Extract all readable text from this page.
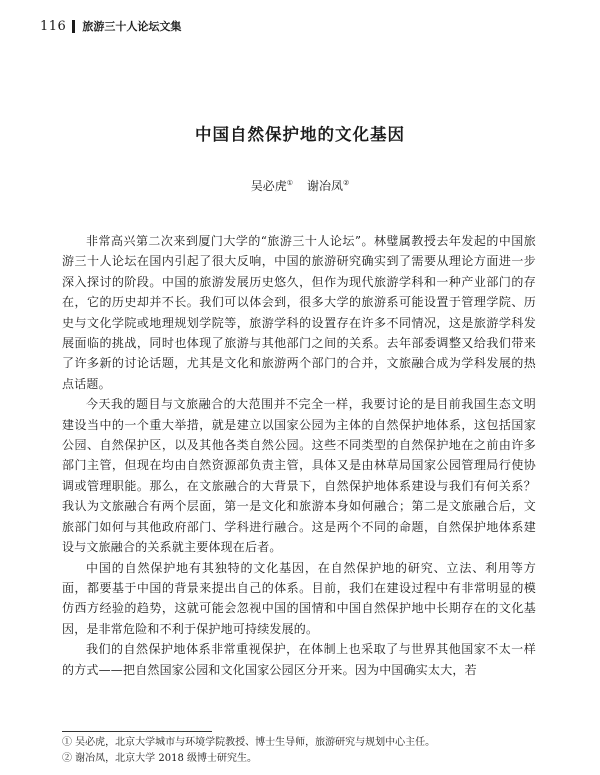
116 旅游三十人论坛文集
中国自然保护地的文化基因
吴必虎① 谢冶凤②

非常高兴第二次来到厦门大学的“旅游三十人论坛”。林璧属教授去年发起的中国旅游三十人论坛在国内引起了很大反响，中国的旅游研究确实到了需要从理论方面进一步深入探讨的阶段。中国的旅游发展历史悠久，但作为现代旅游学科和一种产业部门的存在，它的历史却并不长。我们可以体会到，很多大学的旅游系可能设置于管理学院、历史与文化学院或地理规划学院等，旅游学科的设置存在许多不同情况，这是旅游学科发展面临的挑战，同时也体现了旅游与其他部门之间的关系。去年部委调整又给我们带来了许多新的讨论话题，尤其是文化和旅游两个部门的合并，文旅融合成为学科发展的热点话题。

今天我的题目与文旅融合的大范围并不完全一样，我要讨论的是目前我国生态文明建设当中的一个重大举措，就是建立以国家公园为主体的自然保护地体系，这包括国家公园、自然保护区，以及其他各类自然公园。这些不同类型的自然保护地在之前由许多部门主管，但现在均由自然资源部负责主管，具体又是由林草局国家公园管理局行使协调或管理职能。那么，在文旅融合的大背景下，自然保护地体系建设与我们有何关系？我认为文旅融合有两个层面，第一是文化和旅游本身如何融合；第二是文旅融合后，文旅部门如何与其他政府部门、学科进行融合。这是两个不同的命题，自然保护地体系建设与文旅融合的关系就主要体现在后者。

中国的自然保护地有其独特的文化基因，在自然保护地的研究、立法、利用等方面，都要基于中国的背景来提出自己的体系。目前，我们在建设过程中有非常明显的模仿西方经验的趋势，这就可能会忽视中国的国情和中国自然保护地中长期存在的文化基因，是非常危险和不利于保护地可持续发展的。

我们的自然保护地体系非常重视保护，在体制上也采取了与世界其他国家不太一样的方式——把自然国家公园和文化国家公园区分开来。因为中国确实太大，若

① 吴必虎，北京大学城市与环境学院教授、博士生导师，旅游研究与规划中心主任。
② 谢冶凤，北京大学 2018 级博士研究生。
